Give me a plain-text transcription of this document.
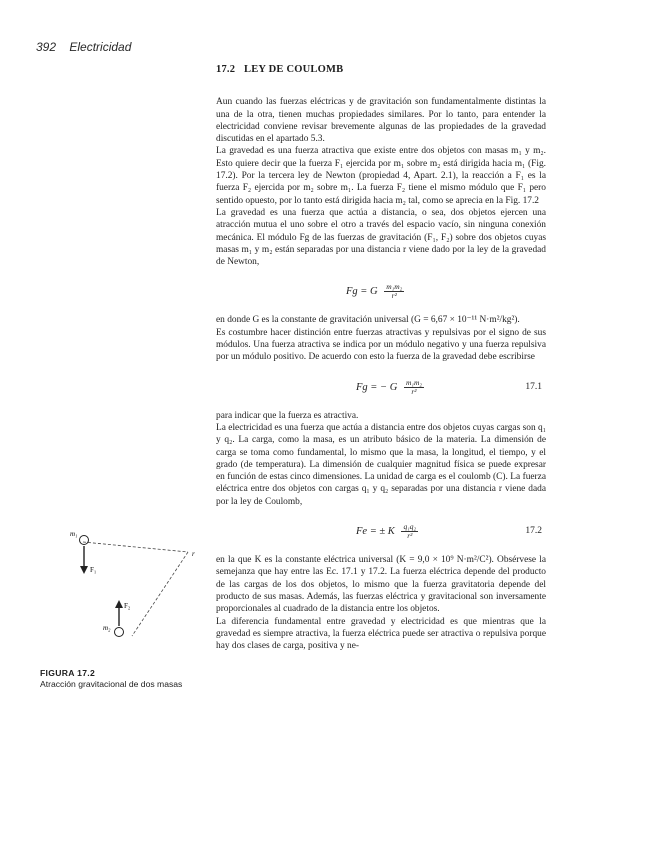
392 Electricidad
17.2 LEY DE COULOMB

Aun cuando las fuerzas eléctricas y de gravitación son fundamentalmente distintas la una de la otra, tienen muchas propiedades similares. Por lo tanto, para entender la electricidad conviene revisar brevemente algunas de las propiedades de la gravedad discutidas en el apartado 5.3.

La gravedad es una fuerza atractiva que existe entre dos objetos con masas m₁ y m₂. Esto quiere decir que la fuerza F₁ ejercida por m₁ sobre m₂ está dirigida hacia m₁ (Fig. 17.2). Por la tercera ley de Newton (propiedad 4, Apart. 2.1), la reacción a F₁ es la fuerza F₂ ejercida por m₂ sobre m₁. La fuerza F₂ tiene el mismo módulo que F₁ pero sentido opuesto, por lo tanto está dirigida hacia m₂ tal, como se aprecia en la Fig. 17.2

La gravedad es una fuerza que actúa a distancia, o sea, dos objetos ejercen una atracción mutua el uno sobre el otro a través del espacio vacío, sin ninguna conexión mecánica. El módulo Fg de las fuerzas de gravitación (F₁, F₂) sobre dos objetos cuyas masas m₁ y m₂ están separadas por una distancia r viene dado por la ley de la gravedad de Newton,

Fg = G $\frac{\text{m₁m₂}}{\text{r²}}$

en donde G es la constante de gravitación universal (G = 6,67 × 10⁻¹¹ N·m²/kg²).

Es costumbre hacer distinción entre fuerzas atractivas y repulsivas por el signo de sus módulos. Una fuerza atractiva se indica por un módulo negativo y una fuerza repulsiva por un módulo positivo. De acuerdo con esto la fuerza de la gravedad debe escribirse

Fg = − G $\frac{\text{m₁m₂}}{\text{r²}}$	17.1

para indicar que la fuerza es atractiva.

La electricidad es una fuerza que actúa a distancia entre dos objetos cuyas cargas son q₁ y q₂. La carga, como la masa, es un atributo básico de la materia. La dimensión de carga se toma como fundamental, lo mismo que la masa, la longitud, el tiempo, y el grado (de temperatura). La dimensión de cualquier magnitud física se puede expresar en función de estas cinco dimensiones. La unidad de carga es el coulomb (C). La fuerza eléctrica entre dos objetos con cargas q₁ y q₂ separadas por una distancia r viene dada por la ley de Coulomb,

Fe = ± K $\frac{\text{q₁q₂}}{\text{r²}}$	17.2

en la que K es la constante eléctrica universal (K = 9,0 × 10⁹ N·m²/C²). Obsérvese la semejanza que hay entre las Ec. 17.1 y 17.2. La fuerza eléctrica depende del producto de las cargas de los dos objetos, lo mismo que la fuerza gravitatoria depende del producto de sus masas. Además, las fuerzas eléctrica y gravitacional son inversamente proporcionales al cuadrado de la distancia entre los objetos.

La diferencia fundamental entre gravedad y electricidad es que mientras que la gravedad es siempre atractiva, la fuerza eléctrica puede ser atractiva o repulsiva porque hay dos clases de carga, positiva y ne-

m₁
F₁
F₂
m₂
r
FIGURA 17.2
Atracción gravitacional de dos masas
